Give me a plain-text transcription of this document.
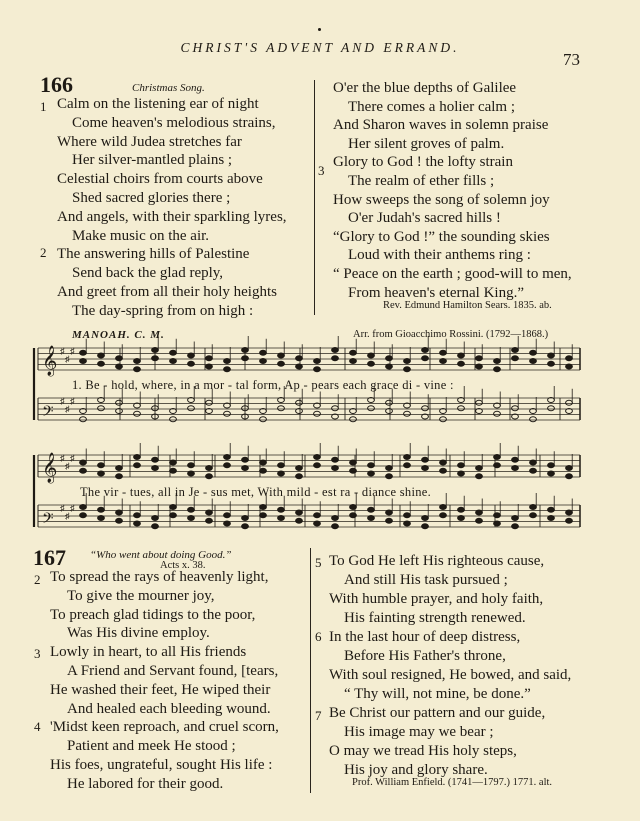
CHRIST'S ADVENT AND ERRAND.
73
166	Christmas Song.
Calm on the listening ear of night
Come heaven's melodious strains,
Where wild Judea stretches far
Her silver-mantled plains ;
Celestial choirs from courts above
Shed sacred glories there ;
And angels, with their sparkling lyres,
Make music on the air.
The answering hills of Palestine
Send back the glad reply,
And greet from all their holy heights
The day-spring from on high :
O'er the blue depths of Galilee
There comes a holier calm ;
And Sharon waves in solemn praise
Her silent groves of palm.
Glory to God ! the lofty strain
The realm of ether fills ;
How sweeps the song of solemn joy
O'er Judah's sacred hills !
“Glory to God !” the sounding skies
Loud with their anthems ring :
“ Peace on the earth ; good-will to men,
From heaven's eternal King.”
1
2
3
Rev. Edmund Hamilton Sears. 1835. ab.
MANOAH. C. M.	Arr. from Gioacchimo Rossini. (1792—1868.)
𝄞 ♯
♯
♯
𝄢
♯
♯
♯
𝄞 ♯
♯
♯
𝄢
♯
♯
♯
1. Be - hold, where, in a mor - tal form, Ap - pears each grace di - vine :
The vir - tues, all in Je - sus met, With mild - est ra - diance shine.
167 “Who went about doing Good.”
Acts x. 38.
To spread the rays of heavenly light,
To give the mourner joy,
To preach glad tidings to the poor,
Was His divine employ.
Lowly in heart, to all His friends
A Friend and Servant found, [tears,
He washed their feet, He wiped their
And healed each bleeding wound.
'Midst keen reproach, and cruel scorn,
Patient and meek He stood ;
His foes, ungrateful, sought His life :
He labored for their good.
To God He left His righteous cause,
And still His task pursued ;
With humble prayer, and holy faith,
His fainting strength renewed.
In the last hour of deep distress,
Before His Father's throne,
With soul resigned, He bowed, and said,
“ Thy will, not mine, be done.”
Be Christ our pattern and our guide,
His image may we bear ;
O may we tread His holy steps,
His joy and glory share.
2
3
4
5
6
7
Prof. William Enfield. (1741—1797.) 1771. alt.
